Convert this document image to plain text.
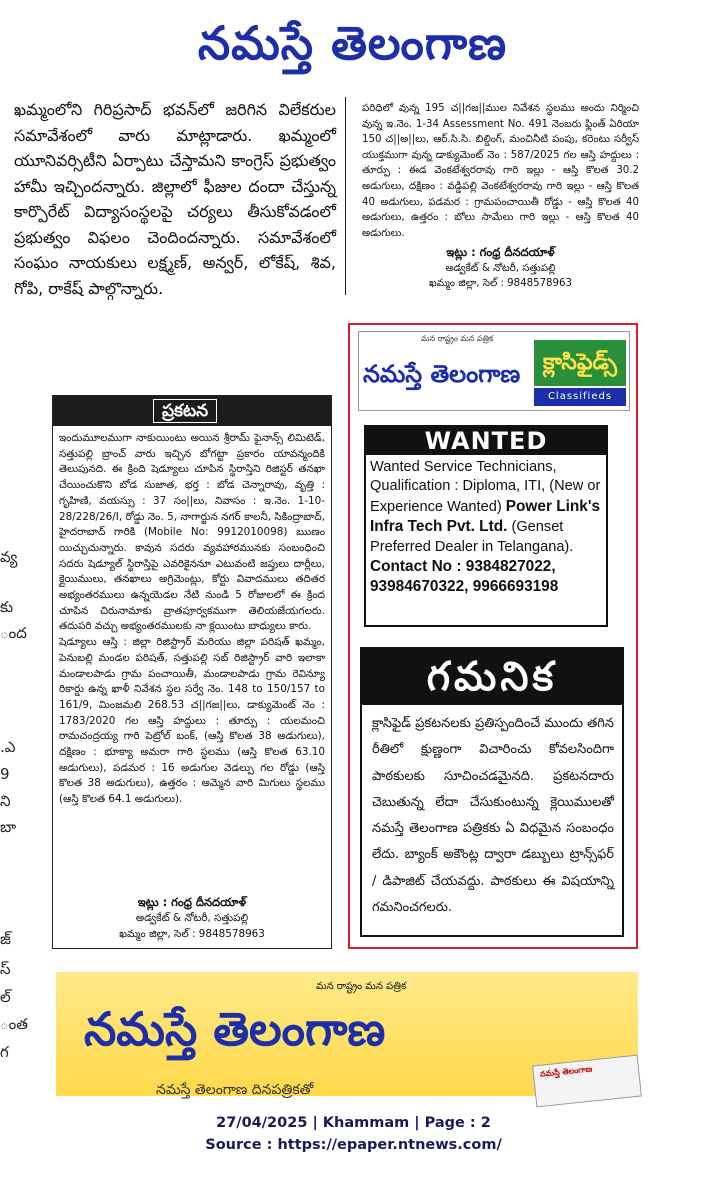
నమస్తే తెలంగాణ

ఖమ్మంలోని గిరిప్రసాద్ భవన్‌లో జరిగిన విలేకరుల సమావేశంలో వారు మాట్లాడారు. ఖమ్మంలో యూనివర్సిటీని ఏర్పాటు చేస్తామని కాంగ్రెస్ ప్రభుత్వం హామీ ఇచ్చిందన్నారు. జిల్లాలో ఫీజుల దందా చేస్తున్న కార్పొరేట్ విద్యాసంస్థలపై చర్యలు తీసుకోవడంలో ప్రభుత్వం విఫలం చెందిందన్నారు. సమావేశంలో సంఘం నాయకులు లక్ష్మణ్, అన్వర్, లోకేష్, శివ, గోపి, రాకేష్ పాల్గొన్నారు.

వ్య
కు
ంద
.ఎ
9
ని
బా
జ్
స్
ల్
ంత
గ
ప్రకటన

ఇందుమూలముగా నాకుయింటు అయిన శ్రీరామ్ ఫైనాన్స్ లిమిటెడ్, సత్తుపల్లి బ్రాంచ్ వారు ఇచ్చిన బోగట్టా ప్రకారం యావన్మందికి తెలుపునది. ఈ క్రింది షెడ్యూలు చూపిన స్థిరాస్తిని రిజిస్టర్ తనఖా చేయించుకొని బోడ సుజాత, భర్త : బోడ చెన్నారావు, వృత్తి : గృహిణి, వయస్సు : 37 సం||లు, నివాసం : ఇ.నెం. 1-10-28/228/26/I, రోడ్డు నెం. 5, నాగార్జున నగర్ కాలనీ, సికింద్రాబాద్, హైదరాబాద్ గారికి (Mobile No: 9912010098) ఋణం యిచ్చుచున్నారు. కావున సదరు వ్యవహారమునకు సంబంధించి సదరు షెడ్యూల్ స్థిరాస్తిపై ఎవరికైననూ ఎటువంటి జప్తులు దార్లీలు, క్లైయిములు, తనఖాలు అగ్రిమెంట్లు, కోర్టు వివాదములు తదితర అభ్యంతరములు ఉన్నయెడల నేటి నుండి 5 రోజులలో ఈ క్రింద చూపిన చిరునామాకు వ్రాతపూర్వకముగా తెలియజేయగలరు. తదుపరి వచ్చు అభ్యంతరములకు నా క్లయింటు బాధ్యులు కారు.

షెడ్యూలు ఆస్తి : జిల్లా రిజిస్ట్రార్ మరియు జిల్లా పరిషత్ ఖమ్మం, పెనుబల్లి మండల పరిషత్, సత్తుపల్లి సబ్ రిజిస్ట్రార్ వారి ఇలాకా మండాలపాడు గ్రామ పంచాయితీ, మండాలపాడు గ్రామ రెవిన్యూ రికార్డు ఉన్న ఖాళీ నివేశన స్థల సర్వే నెం. 148 to 150/157 to 161/9, మింజమలి 268.53 చ||గజ||లు, డాక్యుమెంట్ నెం : 1783/2020 గల ఆస్తి హద్దులు : తూర్పు : యలమంచి రామచంద్రయ్య గారి పెట్రోల్ బంక్, (ఆస్తి కొలత 38 అడుగులు), దక్షిణం : భూక్యా అమరా గారి స్థలము (ఆస్తి కొలత 63.10 అడుగులు), పడమర : 16 అడుగుల వెడల్పు గల రోడ్డు (ఆస్తి కొలత 38 అడుగులు), ఉత్తరం : అమ్మెన వారి మిగులు స్థలము (ఆస్తి కొలత 64.1 అడుగులు).

ఇట్లు : గంధ్ర దీనదయాళ్
అడ్వకేట్ & నోటరీ, సత్తుపల్లి
ఖమ్మం జిల్లా, సెల్ : 9848578963

పరిధిలో వున్న 195 చ||గజ||ముల నివేశన స్థలము అందు నిర్మించి వున్న ఇ.నెం. 1-34 Assessment No. 491 నెంబరు ఫ్లింత్ ఏరియా 150 చ||అ||లు, ఆర్.సి.సి. బిల్డింగ్, మంచినీటి పంపు, కరెంటు సర్వీస్ యుక్తముగా వున్న డాక్యుమెంట్ నెం : 587/2025 గల ఆస్తి హద్దులు : తూర్పు : ఈడ వెంకటేశ్వరరావు గారి ఇల్లు - ఆస్తి కొలత 30.2 అడుగులు, దక్షిణం : వడ్డిపల్లి వెంకటేశ్వరరావు గారి ఇల్లు - ఆస్తి కొలత 40 అడుగులు, పడమర : గ్రామపంచాయితీ రోడ్డు - ఆస్తి కొలత 40 అడుగులు, ఉత్తరం : బోలు సామేలు గారి ఇల్లు - ఆస్తి కొలత 40 అడుగులు.

ఇట్లు : గంధ్ర దీనదయాళ్
అడ్వకేట్ & నోటరీ, సత్తుపల్లి
ఖమ్మం జిల్లా, సెల్ : 9848578963
మన రాష్ట్రం మన పత్రిక
నమస్తే తెలంగాణ	క్లాసిఫైడ్స్
Classifieds
WANTED
Wanted Service Technicians, Qualification : Diploma, ITI, (New or Experience Wanted) Power Link's Infra Tech Pvt. Ltd. (Genset Preferred Dealer in Telangana). Contact No : 9384827022, 93984670322, 9966693198
గమనిక
క్లాసిఫైడ్ ప్రకటనలకు ప్రతిస్పందించే ముందు తగిన రీతిలో క్షుణ్ణంగా విచారించు కోవలసిందిగా పాఠకులకు సూచించడమైనది. ప్రకటనదారు చెబుతున్న లేదా చేసుకుంటున్న క్లెయిములతో నమస్తే తెలంగాణ పత్రికకు ఏ విధమైన సంబంధం లేదు. బ్యాంక్ అకౌంట్ల ద్వారా డబ్బులు ట్రాన్స్‌ఫర్ / డిపాజిట్ చేయవద్దు. పాఠకులు ఈ విషయాన్ని గమనించగలరు.
మన రాష్ట్రం మన పత్రిక
నమస్తే తెలంగాణ
నమస్తే తెలంగాణ దినపత్రికతో
నమస్తే తెలంగాణ
27/04/2025 | Khammam | Page : 2
Source : https://epaper.ntnews.com/
